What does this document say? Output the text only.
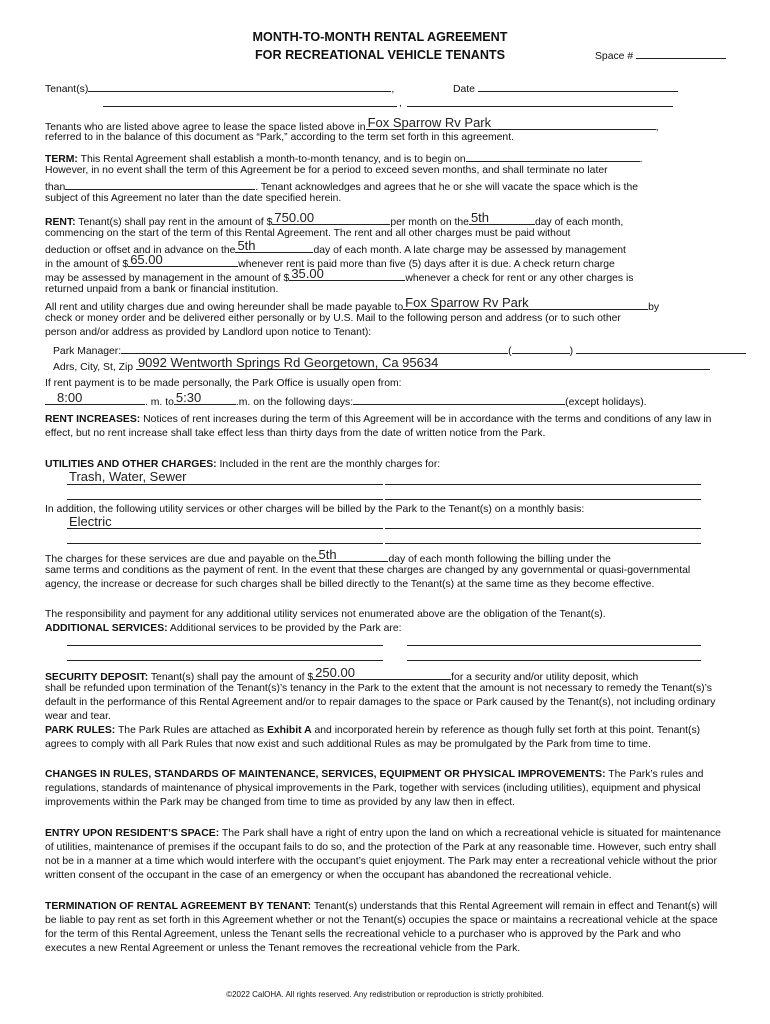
MONTH-TO-MONTH RENTAL AGREEMENT
FOR RECREATIONAL VEHICLE TENANTS	Space #
Tenant(s)	,	Date
,
Tenants who are listed above agree to lease the space listed above in Fox Sparrow Rv Park	,
referred to in the balance of this document as “Park,” according to the term set forth in this agreement.
TERM: This Rental Agreement shall establish a month-to-month tenancy, and is to begin on	.
However, in no event shall the term of this Agreement be for a period to exceed seven months, and shall terminate no later
than	. Tenant acknowledges and agrees that he or she will vacate the space which is the
subject of this Agreement no later than the date specified herein.
RENT: Tenant(s) shall pay rent in the amount of $ 750.00	per month on the 5th	day of each month,
commencing on the start of the term of this Rental Agreement. The rent and all other charges must be paid without
deduction or offset and in advance on the 5th	day of each month. A late charge may be assessed by management
in the amount of $ 65.00	whenever rent is paid more than five (5) days after it is due. A check return charge
may be assessed by management in the amount of $ 35.00	whenever a check for rent or any other charges is
returned unpaid from a bank or financial institution.
All rent and utility charges due and owing hereunder shall be made payable to Fox Sparrow Rv Park	by
check or money order and be delivered either personally or by U.S. Mail to the following person and address (or to such other
person and/or address as provided by Landlord upon notice to Tenant):
Park Manager:	(	)
Adrs, City, St, Zip 9092 Wentworth Springs Rd Georgetown, Ca 95634
If rent payment is to be made personally, the Park Office is usually open from:
8:00	. m. to 5:30	.m. on the following days:	(except holidays).
RENT INCREASES: Notices of rent increases during the term of this Agreement will be in accordance with the terms and conditions of any law in effect, but no rent increase shall take effect less than thirty days from the date of written notice from the Park.
UTILITIES AND OTHER CHARGES: Included in the rent are the monthly charges for:
Trash, Water, Sewer
In addition, the following utility services or other charges will be billed by the Park to the Tenant(s) on a monthly basis:
Electric
The charges for these services are due and payable on the 5th	day of each month following the billing under the
same terms and conditions as the payment of rent. In the event that these charges are changed by any governmental or quasi-governmental agency, the increase or decrease for such charges shall be billed directly to the Tenant(s) at the same time as they become effective.
The responsibility and payment for any additional utility services not enumerated above are the obligation of the Tenant(s).
ADDITIONAL SERVICES: Additional services to be provided by the Park are:
SECURITY DEPOSIT: Tenant(s) shall pay the amount of $ 250.00	for a security and/or utility deposit, which
shall be refunded upon termination of the Tenant(s)’s tenancy in the Park to the extent that the amount is not necessary to remedy the Tenant(s)’s default in the performance of this Rental Agreement and/or to repair damages to the space or Park caused by the Tenant(s), not including ordinary wear and tear.
PARK RULES: The Park Rules are attached as Exhibit A and incorporated herein by reference as though fully set forth at this point. Tenant(s) agrees to comply with all Park Rules that now exist and such additional Rules as may be promulgated by the Park from time to time.
CHANGES IN RULES, STANDARDS OF MAINTENANCE, SERVICES, EQUIPMENT OR PHYSICAL IMPROVEMENTS: The Park’s rules and regulations, standards of maintenance of physical improvements in the Park, together with services (including utilities), equipment and physical improvements within the Park may be changed from time to time as provided by any law then in effect.
ENTRY UPON RESIDENT’S SPACE: The Park shall have a right of entry upon the land on which a recreational vehicle is situated for maintenance of utilities, maintenance of premises if the occupant fails to do so, and the protection of the Park at any reasonable time. However, such entry shall not be in a manner at a time which would interfere with the occupant’s quiet enjoyment. The Park may enter a recreational vehicle without the prior written consent of the occupant in the case of an emergency or when the occupant has abandoned the recreational vehicle.
TERMINATION OF RENTAL AGREEMENT BY TENANT: Tenant(s) understands that this Rental Agreement will remain in effect and Tenant(s) will be liable to pay rent as set forth in this Agreement whether or not the Tenant(s) occupies the space or maintains a recreational vehicle at the space for the term of this Rental Agreement, unless the Tenant sells the recreational vehicle to a purchaser who is approved by the Park and who executes a new Rental Agreement or unless the Tenant removes the recreational vehicle from the Park.
©2022 CalOHA. All rights reserved. Any redistribution or reproduction is strictly prohibited.
